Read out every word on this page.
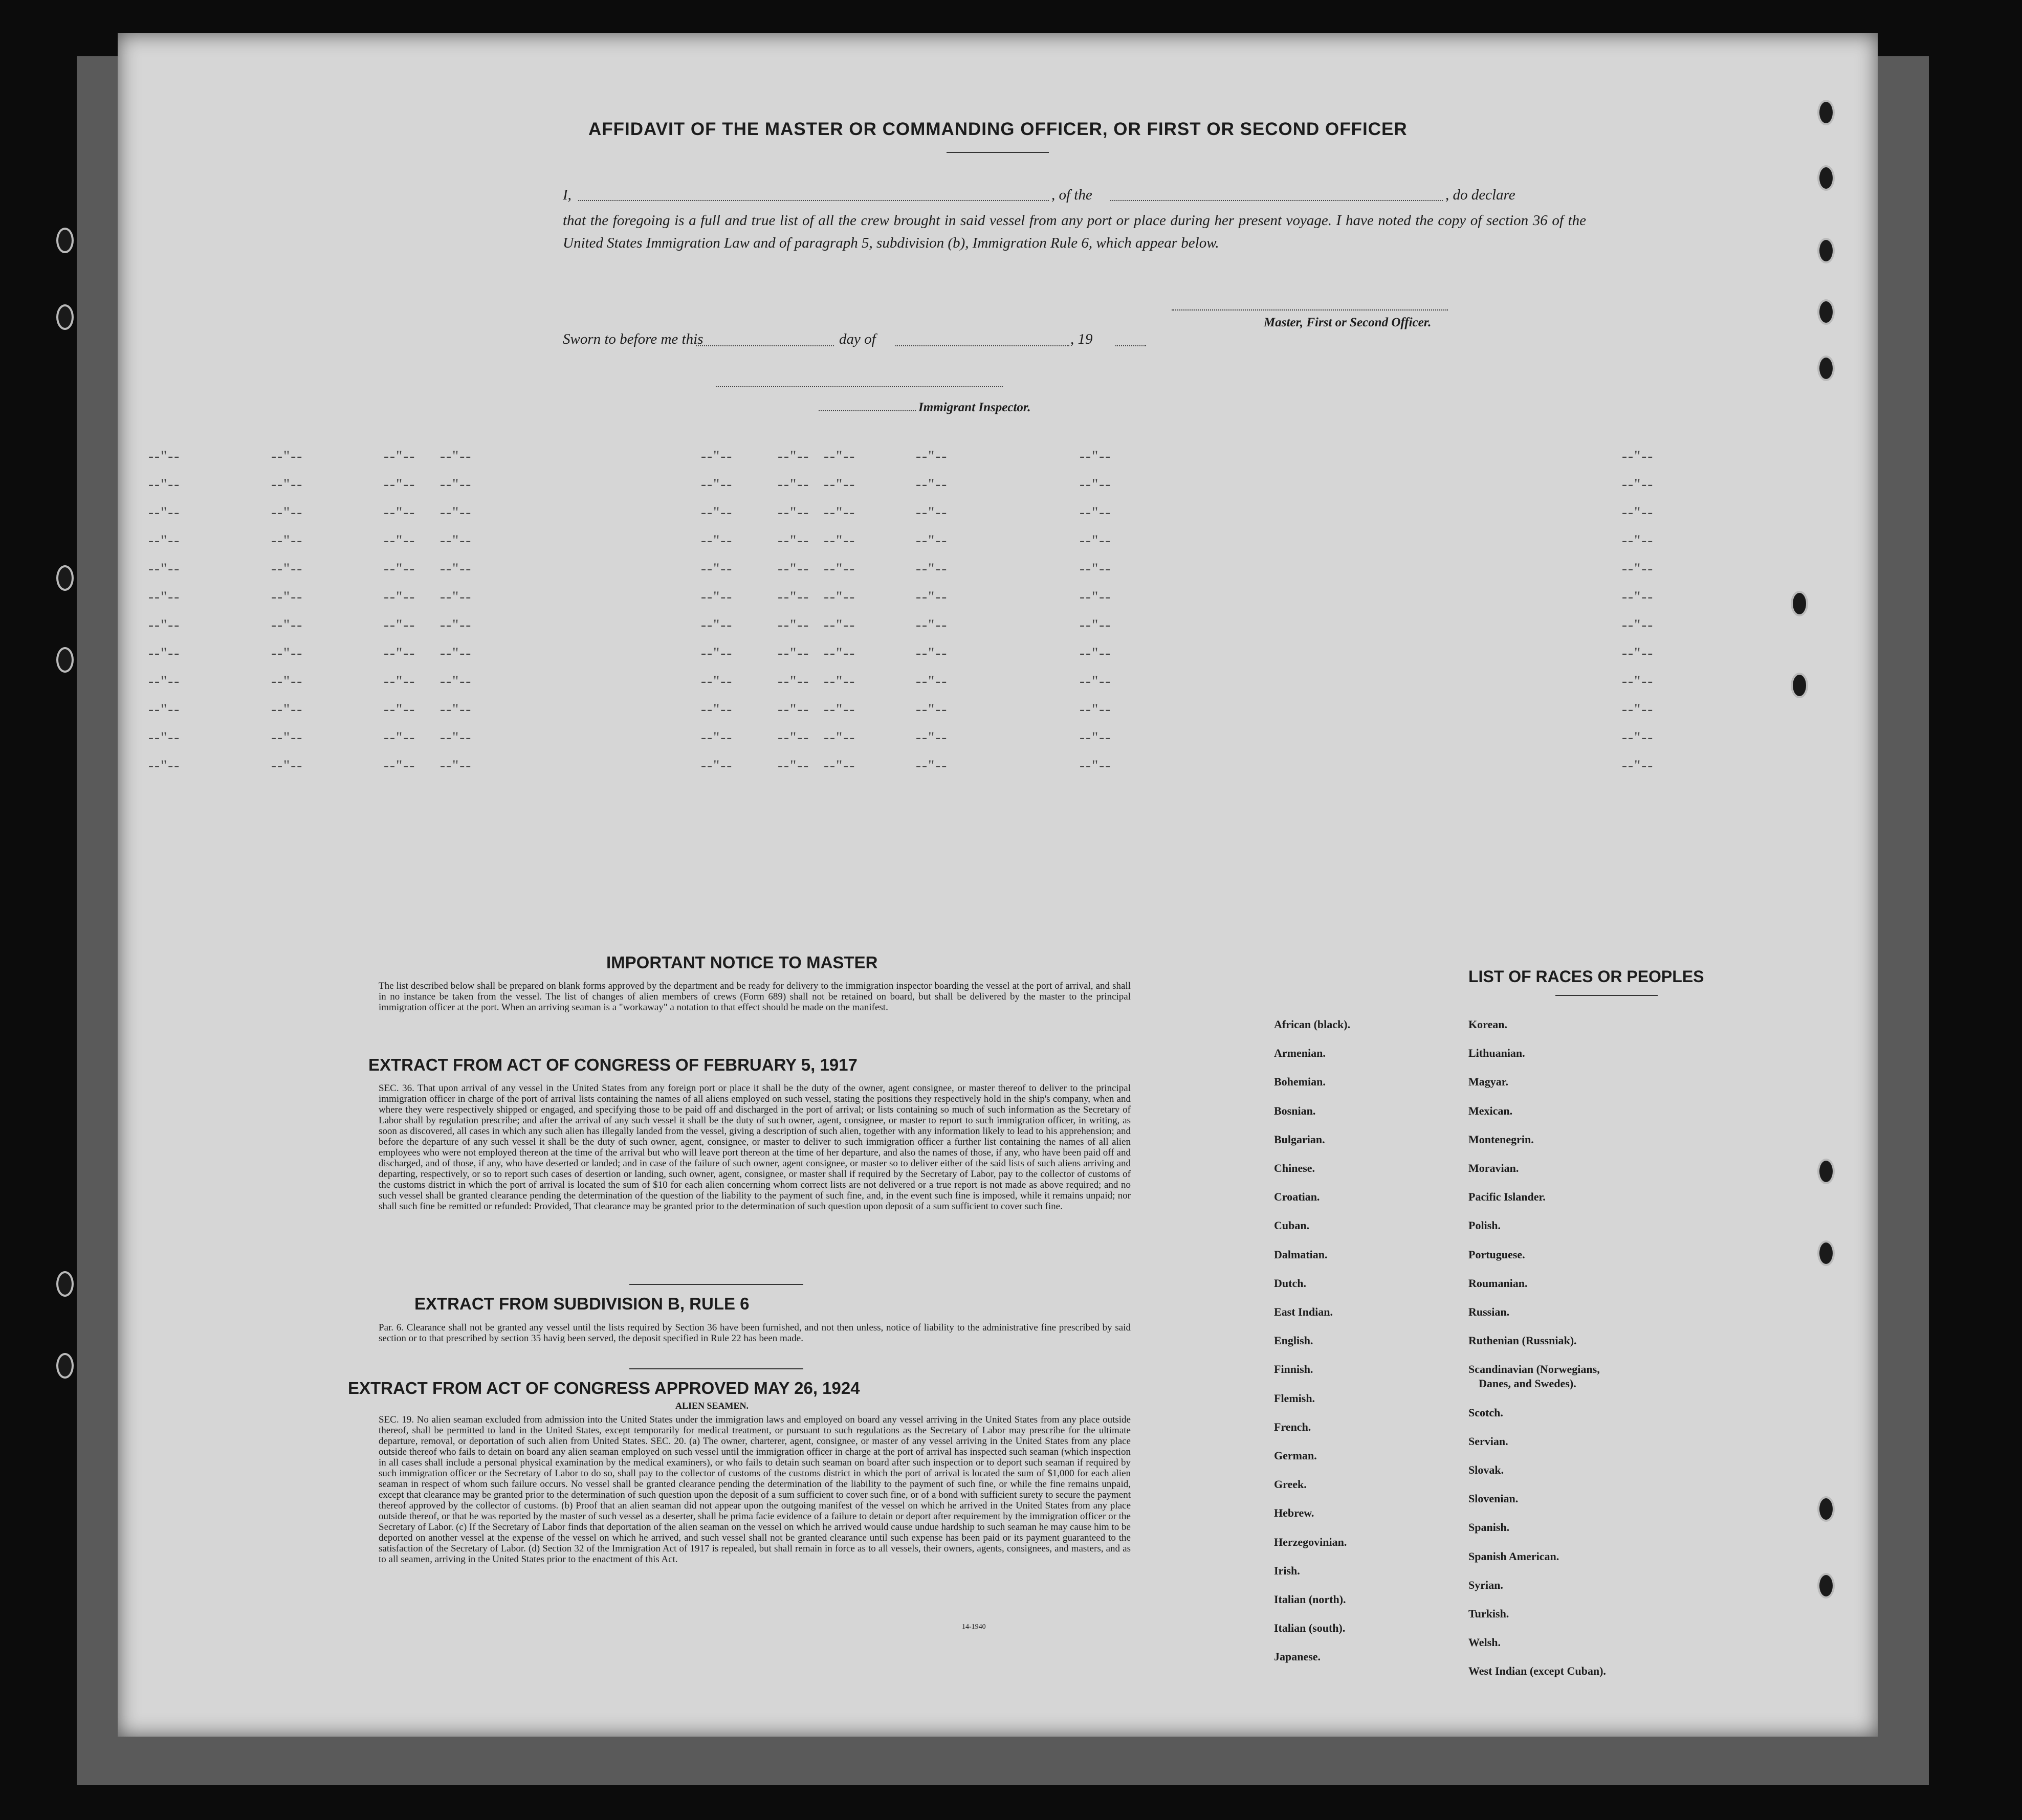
AFFIDAVIT OF THE MASTER OR COMMANDING OFFICER, OR FIRST OR SECOND OFFICER
I,	, of the	, do declare
that the foregoing is a full and true list of all the crew brought in said vessel from any port or place during her present voyage. I have noted the copy of section 36 of the United States Immigration Law and of paragraph 5, subdivision (b), Immigration Rule 6, which appear below.
Master, First or Second Officer.
Sworn to before me this	day of	, 19
Immigrant Inspector.
IMPORTANT NOTICE TO MASTER
The list described below shall be prepared on blank forms approved by the department and be ready for delivery to the immigration inspector boarding the vessel at the port of arrival, and shall in no instance be taken from the vessel. The list of changes of alien members of crews (Form 689) shall not be retained on board, but shall be delivered by the master to the principal immigration officer at the port. When an arriving seaman is a "workaway" a notation to that effect should be made on the manifest.
EXTRACT FROM ACT OF CONGRESS OF FEBRUARY 5, 1917
SEC. 36. That upon arrival of any vessel in the United States from any foreign port or place it shall be the duty of the owner, agent consignee, or master thereof to deliver to the principal immigration officer in charge of the port of arrival lists containing the names of all aliens employed on such vessel, stating the positions they respectively hold in the ship's company, when and where they were respectively shipped or engaged, and specifying those to be paid off and discharged in the port of arrival; or lists containing so much of such information as the Secretary of Labor shall by regulation prescribe; and after the arrival of any such vessel it shall be the duty of such owner, agent, consignee, or master to report to such immigration officer, in writing, as soon as discovered, all cases in which any such alien has illegally landed from the vessel, giving a description of such alien, together with any information likely to lead to his apprehension; and before the departure of any such vessel it shall be the duty of such owner, agent, consignee, or master to deliver to such immigration officer a further list containing the names of all alien employees who were not employed thereon at the time of the arrival but who will leave port thereon at the time of her departure, and also the names of those, if any, who have been paid off and discharged, and of those, if any, who have deserted or landed; and in case of the failure of such owner, agent consignee, or master so to deliver either of the said lists of such aliens arriving and departing, respectively, or so to report such cases of desertion or landing, such owner, agent, consignee, or master shall if required by the Secretary of Labor, pay to the collector of customs of the customs district in which the port of arrival is located the sum of $10 for each alien concerning whom correct lists are not delivered or a true report is not made as above required; and no such vessel shall be granted clearance pending the determination of the question of the liability to the payment of such fine, and, in the event such fine is imposed, while it remains unpaid; nor shall such fine be remitted or refunded: Provided, That clearance may be granted prior to the determination of such question upon deposit of a sum sufficient to cover such fine.
EXTRACT FROM SUBDIVISION B, RULE 6
Par. 6. Clearance shall not be granted any vessel until the lists required by Section 36 have been furnished, and not then unless, notice of liability to the administrative fine prescribed by said section or to that prescribed by section 35 havig been served, the deposit specified in Rule 22 has been made.
EXTRACT FROM ACT OF CONGRESS APPROVED MAY 26, 1924
ALIEN SEAMEN.
SEC. 19. No alien seaman excluded from admission into the United States under the immigration laws and employed on board any vessel arriving in the United States from any place outside thereof, shall be permitted to land in the United States, except temporarily for medical treatment, or pursuant to such regulations as the Secretary of Labor may prescribe for the ultimate departure, removal, or deportation of such alien from United States. SEC. 20. (a) The owner, charterer, agent, consignee, or master of any vessel arriving in the United States from any place outside thereof who fails to detain on board any alien seaman employed on such vessel until the immigration officer in charge at the port of arrival has inspected such seaman (which inspection in all cases shall include a personal physical examination by the medical examiners), or who fails to detain such seaman on board after such inspection or to deport such seaman if required by such immigration officer or the Secretary of Labor to do so, shall pay to the collector of customs of the customs district in which the port of arrival is located the sum of $1,000 for each alien seaman in respect of whom such failure occurs. No vessel shall be granted clearance pending the determination of the liability to the payment of such fine, or while the fine remains unpaid, except that clearance may be granted prior to the determination of such question upon the deposit of a sum sufficient to cover such fine, or of a bond with sufficient surety to secure the payment thereof approved by the collector of customs. (b) Proof that an alien seaman did not appear upon the outgoing manifest of the vessel on which he arrived in the United States from any place outside thereof, or that he was reported by the master of such vessel as a deserter, shall be prima facie evidence of a failure to detain or deport after requirement by the immigration officer or the Secretary of Labor. (c) If the Secretary of Labor finds that deportation of the alien seaman on the vessel on which he arrived would cause undue hardship to such seaman he may cause him to be deported on another vessel at the expense of the vessel on which he arrived, and such vessel shall not be granted clearance until such expense has been paid or its payment guaranteed to the satisfaction of the Secretary of Labor. (d) Section 32 of the Immigration Act of 1917 is repealed, but shall remain in force as to all vessels, their owners, agents, consignees, and masters, and as to all seamen, arriving in the United States prior to the enactment of this Act.
14-1940
LIST OF RACES OR PEOPLES
African (black).
Armenian.
Bohemian.
Bosnian.
Bulgarian.
Chinese.
Croatian.
Cuban.
Dalmatian.
Dutch.
East Indian.
English.
Finnish.
Flemish.
French.
German.
Greek.
Hebrew.
Herzegovinian.
Irish.
Italian (north).
Italian (south).
Japanese.
Korean.
Lithuanian.
Magyar.
Mexican.
Montenegrin.
Moravian.
Pacific Islander.
Polish.
Portuguese.
Roumanian.
Russian.
Ruthenian (Russniak).
Scandinavian (Norwegians,
Danes, and Swedes).
Scotch.
Servian.
Slovak.
Slovenian.
Spanish.
Spanish American.
Syrian.
Turkish.
Welsh.
West Indian (except Cuban).
--"--	--"--	--"-- --"--	--"--	--"-- --"--	--"--	--"--	--"--
--"--	--"--	--"-- --"--	--"--	--"-- --"--	--"--	--"--	--"--
--"--	--"--	--"-- --"--	--"--	--"-- --"--	--"--	--"--	--"--
--"--	--"--	--"-- --"--	--"--	--"-- --"--	--"--	--"--	--"--
--"--	--"--	--"-- --"--	--"--	--"-- --"--	--"--	--"--	--"--
--"--	--"--	--"-- --"--	--"--	--"-- --"--	--"--	--"--	--"--
--"--	--"--	--"-- --"--	--"--	--"-- --"--	--"--	--"--	--"--
--"--	--"--	--"-- --"--	--"--	--"-- --"--	--"--	--"--	--"--
--"--	--"--	--"-- --"--	--"--	--"-- --"--	--"--	--"--	--"--
--"--	--"--	--"-- --"--	--"--	--"-- --"--	--"--	--"--	--"--
--"--	--"--	--"-- --"--	--"--	--"-- --"--	--"--	--"--	--"--
--"--	--"--	--"-- --"--	--"--	--"-- --"--	--"--	--"--	--"--
